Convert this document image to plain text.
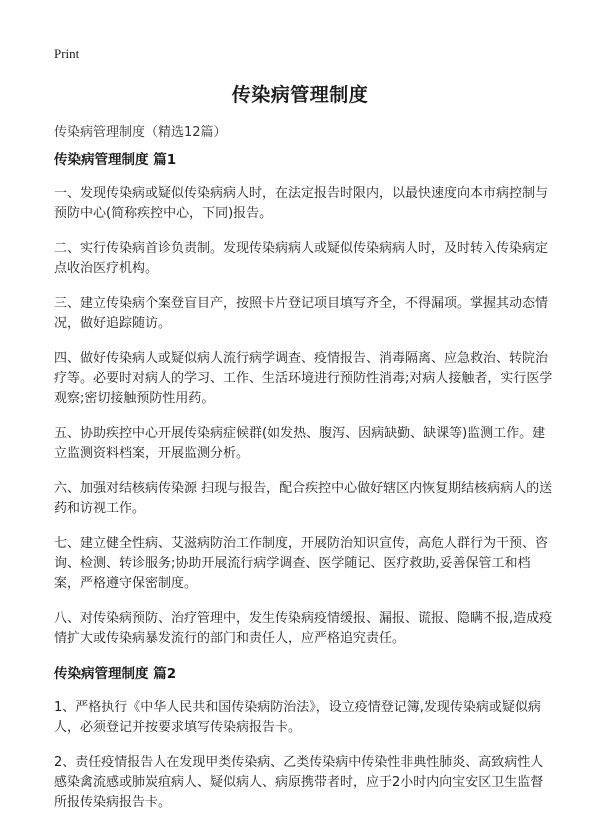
Print
传染病管理制度
传染病管理制度（精选12篇）
传染病管理制度 篇1

一、发现传染病或疑似传染病病人时，在法定报告时限内，以最快速度向本市病控制与预防中心(简称疾控中心，下同)报告。

二、实行传染病首诊负责制。发现传染病病人或疑似传染病病人时，及时转入传染病定点收治医疗机构。

三、建立传染病个案登盲目产，按照卡片登记项目填写齐全，不得漏项。掌握其动态情况，做好追踪随访。

四、做好传染病人或疑似病人流行病学调查、疫情报告、消毒隔离、应急救治、转院治疗等。必要时对病人的学习、工作、生活环境进行预防性消毒;对病人接触者，实行医学观察;密切接触预防性用药。

五、协助疾控中心开展传染病症候群(如发热、腹泻、因病缺勤、缺课等)监测工作。建立监测资料档案，开展监测分析。

六、加强对结核病传染源 扫现与报告，配合疾控中心做好辖区内恢复期结核病病人的送药和访视工作。

七、建立健全性病、艾滋病防治工作制度，开展防治知识宣传，高危人群行为干预、咨询、检测、转诊服务;协助开展流行病学调查、医学随记、医疗救助,妥善保管工和档案，严格遵守保密制度。

八、对传染病预防、治疗管理中，发生传染病疫情缓报、漏报、谎报、隐瞒不报,造成疫情扩大或传染病暴发流行的部门和责任人，应严格追究责任。

传染病管理制度 篇2

1、严格执行《中华人民共和国传染病防治法》，设立疫情登记簿,发现传染病或疑似病人，必须登记并按要求填写传染病报告卡。

2、责任疫情报告人在发现甲类传染病、乙类传染病中传染性非典性肺炎、高致病性人感染禽流感或肺炭疽病人、疑似病人、病原携带者时，应于2小时内向宝安区卫生监督所报传染病报告卡。
